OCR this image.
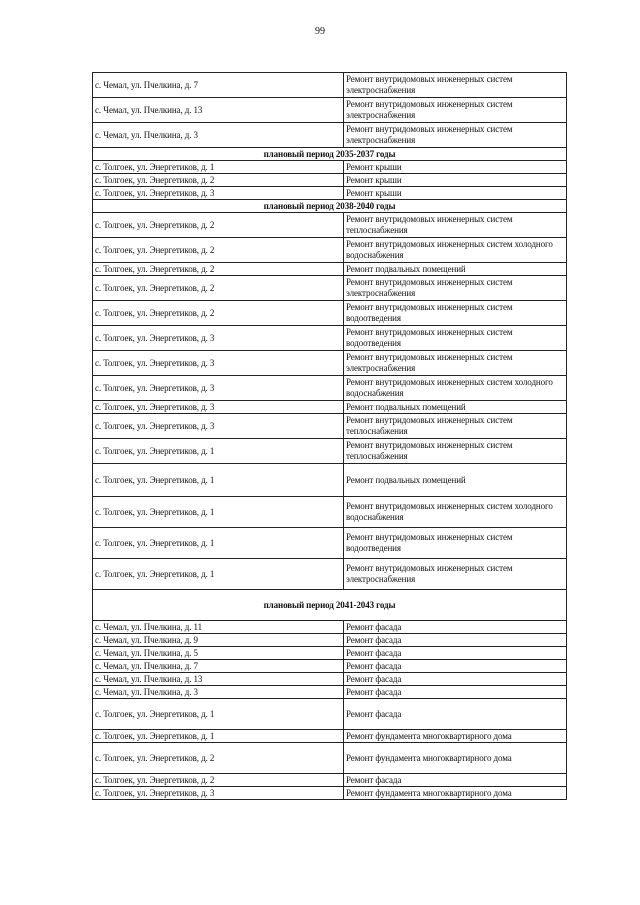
99
с. Чемал, ул. Пчелкина, д. 7	Ремонт внутридомовых инженерных систем электроснабжения
с. Чемал, ул. Пчелкина, д. 13	Ремонт внутридомовых инженерных систем электроснабжения
с. Чемал, ул. Пчелкина, д. 3	Ремонт внутридомовых инженерных систем электроснабжения
плановый период 2035-2037 годы	
с. Толгоек, ул. Энергетиков, д. 1	Ремонт крыши
с. Толгоек, ул. Энергетиков, д. 2	Ремонт крыши
с. Толгоек, ул. Энергетиков, д. 3	Ремонт крыши
плановый период 2038-2040 годы	
с. Толгоек, ул. Энергетиков, д. 2	Ремонт внутридомовых инженерных систем теплоснабжения
с. Толгоек, ул. Энергетиков, д. 2	Ремонт внутридомовых инженерных систем холодного водоснабжения
с. Толгоек, ул. Энергетиков, д. 2	Ремонт подвальных помещений
с. Толгоек, ул. Энергетиков, д. 2	Ремонт внутридомовых инженерных систем электроснабжения
с. Толгоек, ул. Энергетиков, д. 2	Ремонт внутридомовых инженерных систем водоотведения
с. Толгоек, ул. Энергетиков, д. 3	Ремонт внутридомовых инженерных систем водоотведения
с. Толгоек, ул. Энергетиков, д. 3	Ремонт внутридомовых инженерных систем электроснабжения
с. Толгоек, ул. Энергетиков, д. 3	Ремонт внутридомовых инженерных систем холодного водоснабжения
с. Толгоек, ул. Энергетиков, д. 3	Ремонт подвальных помещений
с. Толгоек, ул. Энергетиков, д. 3	Ремонт внутридомовых инженерных систем теплоснабжения
с. Толгоек, ул. Энергетиков, д. 1	Ремонт внутридомовых инженерных систем теплоснабжения
с. Толгоек, ул. Энергетиков, д. 1	Ремонт подвальных помещений
с. Толгоек, ул. Энергетиков, д. 1	Ремонт внутридомовых инженерных систем холодного водоснабжения
с. Толгоек, ул. Энергетиков, д. 1	Ремонт внутридомовых инженерных систем водоотведения
с. Толгоек, ул. Энергетиков, д. 1	Ремонт внутридомовых инженерных систем электроснабжения
плановый период 2041-2043 годы	
с. Чемал, ул. Пчелкина, д. 11	Ремонт фасада
с. Чемал, ул. Пчелкина, д. 9	Ремонт фасада
с. Чемал, ул. Пчелкина, д. 5	Ремонт фасада
с. Чемал, ул. Пчелкина, д. 7	Ремонт фасада
с. Чемал, ул. Пчелкина, д. 13	Ремонт фасада
с. Чемал, ул. Пчелкина, д. 3	Ремонт фасада
с. Толгоек, ул. Энергетиков, д. 1	Ремонт фасада
с. Толгоек, ул. Энергетиков, д. 1	Ремонт фундамента многоквартирного дома
с. Толгоек, ул. Энергетиков, д. 2	Ремонт фундамента многоквартирного дома
с. Толгоек, ул. Энергетиков, д. 2	Ремонт фасада
с. Толгоек, ул. Энергетиков, д. 3	Ремонт фундамента многоквартирного дома
